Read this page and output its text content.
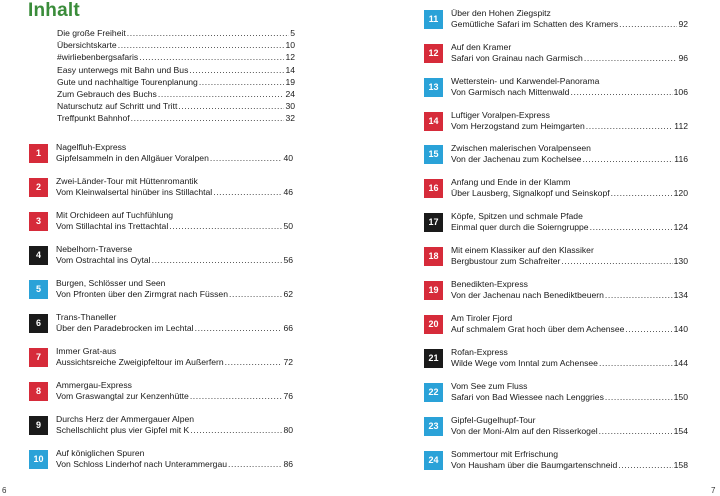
Inhalt
Die große Freiheit .....	5
Übersichtskarte .....	10
#wirliebenbergsafaris .....	12
Easy unterwegs mit Bahn und Bus .....	14
Gute und nachhaltige Tourenplanung .....	19
Zum Gebrauch des Buchs .....	24
Naturschutz auf Schritt und Tritt .....	30
Treffpunkt Bahnhof .....	32
1
Nagelfluh-Express
Gipfelsammeln in den Allgäuer Voralpen .....	40
2
Zwei-Länder-Tour mit Hüttenromantik
Vom Kleinwalsertal hinüber ins Stillachtal .....	46
3
Mit Orchideen auf Tuchfühlung
Vom Stillachtal ins Trettachtal .....	50
4
Nebelhorn-Traverse
Vom Ostrachtal ins Oytal .....	56
5
Burgen, Schlösser und Seen
Von Pfronten über den Zirmgrat nach Füssen .....	62
6
Trans-Thaneller
Über den Paradebrocken im Lechtal .....	66
7
Immer Grat-aus
Aussichtsreiche Zweigipfeltour im Außerfern .....	72
8
Ammergau-Express
Vom Graswangtal zur Kenzenhütte .....	76
9
Durchs Herz der Ammergauer Alpen
Schellschlicht plus vier Gipfel mit K .....	80
10
Auf königlichen Spuren
Von Schloss Linderhof nach Unterammergau .....	86
11
Über den Hohen Ziegspitz
Gemütliche Safari im Schatten des Kramers .....	92
12
Auf den Kramer
Safari von Grainau nach Garmisch .....	96
13
Wetterstein- und Karwendel-Panorama
Von Garmisch nach Mittenwald .....	106
14
Luftiger Voralpen-Express
Vom Herzogstand zum Heimgarten .....	112
15
Zwischen malerischen Voralpenseen
Von der Jachenau zum Kochelsee .....	116
16
Anfang und Ende in der Klamm
Über Lausberg, Signalkopf und Seinskopf .....	120
17
Köpfe, Spitzen und schmale Pfade
Einmal quer durch die Soierngruppe .....	124
18
Mit einem Klassiker auf den Klassiker
Bergbustour zum Schafreiter .....	130
19
Benedikten-Express
Von der Jachenau nach Benediktbeuern .....	134
20
Am Tiroler Fjord
Auf schmalem Grat hoch über dem Achensee .....	140
21
Rofan-Express
Wilde Wege vom Inntal zum Achensee .....	144
22
Vom See zum Fluss
Safari von Bad Wiessee nach Lenggries .....	150
23
Gipfel-Gugelhupf-Tour
Von der Moni-Alm auf den Risserkogel .....	154
24
Sommertour mit Erfrischung
Von Hausham über die Baumgartenschneid .....	158
6	7
